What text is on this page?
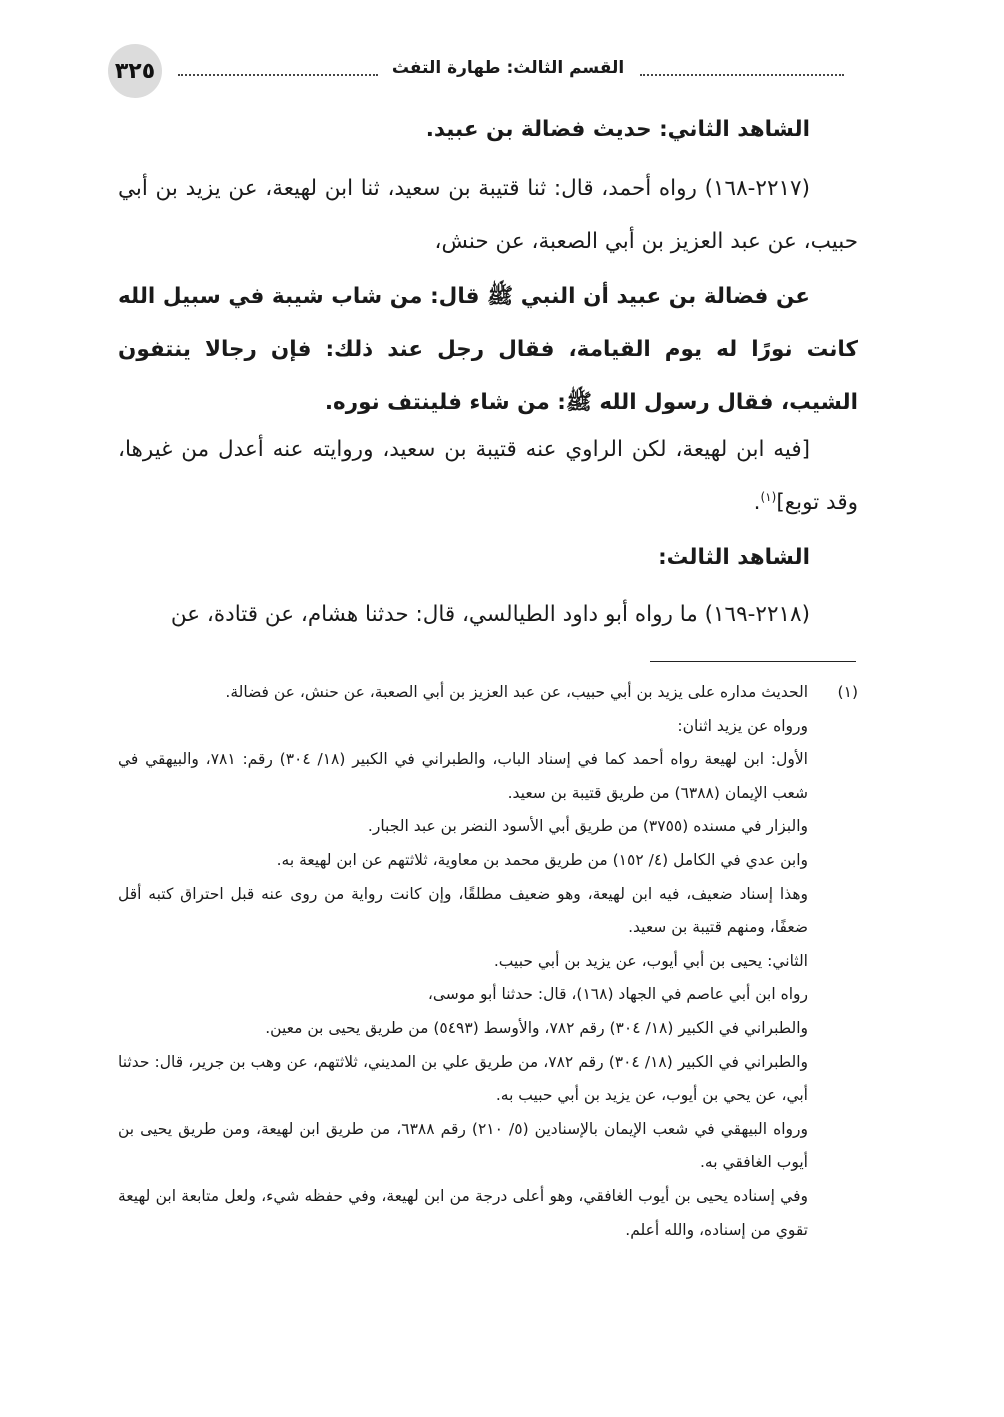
٣٢٥	القسم الثالث: طهارة التفث

الشاهد الثاني: حديث فضالة بن عبيد.

(٢٢١٧-١٦٨) رواه أحمد، قال: ثنا قتيبة بن سعيد، ثنا ابن لهيعة، عن يزيد بن أبي حبيب، عن عبد العزيز بن أبي الصعبة، عن حنش،

عن فضالة بن عبيد أن النبي ﷺ قال: من شاب شيبة في سبيل الله كانت نورًا له يوم القيامة، فقال رجل عند ذلك: فإن رجالا ينتفون الشيب، فقال رسول الله ﷺ: من شاء فلينتف نوره.

[فيه ابن لهيعة، لكن الراوي عنه قتيبة بن سعيد، وروايته عنه أعدل من غيرها، وقد توبع]$^{(١)}$.

الشاهد الثالث:

(٢٢١٨-١٦٩) ما رواه أبو داود الطيالسي، قال: حدثنا هشام، عن قتادة، عن

(١)

الحديث مداره على يزيد بن أبي حبيب، عن عبد العزيز بن أبي الصعبة، عن حنش، عن فضالة.

ورواه عن يزيد اثنان:

الأول: ابن لهيعة رواه أحمد كما في إسناد الباب، والطبراني في الكبير (١٨/ ٣٠٤) رقم: ٧٨١، والبيهقي في شعب الإيمان (٦٣٨٨) من طريق قتيبة بن سعيد.

والبزار في مسنده (٣٧٥٥) من طريق أبي الأسود النضر بن عبد الجبار.

وابن عدي في الكامل (٤/ ١٥٢) من طريق محمد بن معاوية، ثلاثتهم عن ابن لهيعة به.

وهذا إسناد ضعيف، فيه ابن لهيعة، وهو ضعيف مطلقًا، وإن كانت رواية من روى عنه قبل احتراق كتبه أقل ضعفًا، ومنهم قتيبة بن سعيد.

الثاني: يحيى بن أبي أيوب، عن يزيد بن أبي حبيب.

رواه ابن أبي عاصم في الجهاد (١٦٨)، قال: حدثنا أبو موسى،

والطبراني في الكبير (١٨/ ٣٠٤) رقم ٧٨٢، والأوسط (٥٤٩٣) من طريق يحيى بن معين.

والطبراني في الكبير (١٨/ ٣٠٤) رقم ٧٨٢، من طريق علي بن المديني، ثلاثتهم، عن وهب بن جرير، قال: حدثنا أبي، عن يحي بن أيوب، عن يزيد بن أبي حبيب به.

ورواه البيهقي في شعب الإيمان بالإسنادين (٥/ ٢١٠) رقم ٦٣٨٨، من طريق ابن لهيعة، ومن طريق يحيى بن أيوب الغافقي به.

وفي إسناده يحيى بن أيوب الغافقي، وهو أعلى درجة من ابن لهيعة، وفي حفظه شيء، ولعل متابعة ابن لهيعة تقوي من إسناده، والله أعلم.
